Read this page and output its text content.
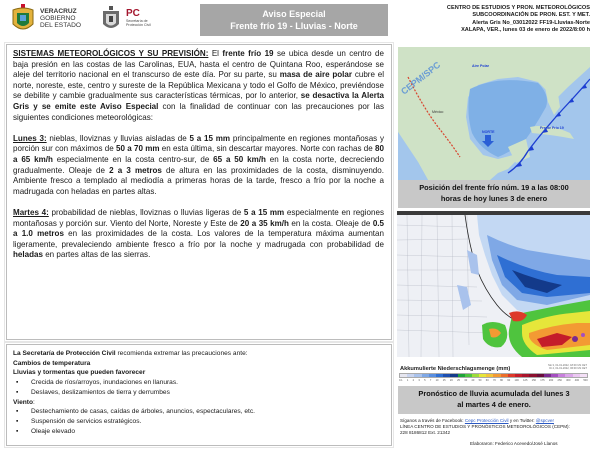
VERACRUZ
GOBIERNO
DEL ESTADO
PC
Secretaría de
Protección Civil
Aviso Especial
Frente frío 19 - Lluvias - Norte
CENTRO DE ESTUDIOS Y PRON. METEOROLÓGICOS
SUBCOORDINACIÓN DE PRON. EST. Y MET.
Alerta Gris No_03012022 FF19-Lluvias-Norte
XALAPA, VER., lunes 03 de enero de 2022/8:00 h

SISTEMAS METEOROLÓGICOS Y SU PREVISIÓN: El frente frío 19 se ubica desde un centro de baja presión en las costas de las Carolinas, EUA, hasta el centro de Quintana Roo, esperándose se aleje del territorio nacional en el transcurso de este día. Por su parte, su masa de aire polar cubre el norte, noreste, este, centro y sureste de la República Mexicana y todo el Golfo de México, previéndose se debilite y cambie gradualmente sus características térmicas, por lo anterior, se desactiva la Alerta Gris y se emite este Aviso Especial con la finalidad de continuar con las precauciones por las siguientes condiciones meteorológicas:

Lunes 3: nieblas, lloviznas y lluvias aisladas de 5 a 15 mm principalmente en regiones montañosas y porción sur con máximos de 50 a 70 mm en esta última, sin descartar mayores. Norte con rachas de 80 a 65 km/h especialmente en la costa centro-sur, de 65 a 50 km/h en la costa norte, decreciendo gradualmente. Oleaje de 2 a 3 metros de altura en las proximidades de la costa, disminuyendo. Ambiente fresco a templado al mediodía a primeras horas de la tarde, fresco a frío por la noche a madrugada con heladas en partes altas.

Martes 4: probabilidad de nieblas, lloviznas o lluvias ligeras de 5 a 15 mm especialmente en regiones montañosas y porción sur. Viento del Norte, Noreste y Este de 20 a 35 km/h en la costa. Oleaje de 0.5 a 1.0 metros en las proximidades de la costa. Los valores de la temperatura máxima aumentan ligeramente, prevaleciendo ambiente fresco a frío por la noche y madrugada con probabilidad de heladas en partes altas de las sierras.

La Secretaría de Protección Civil recomienda extremar las precauciones ante:
Cambios de temperatura
Lluvias y tormentas que pueden favorecer
▪	Crecida de ríos/arroyos, inundaciones en llanuras.
▪	Deslaves, deslizamientos de tierra y derrumbes
Viento:
▪	Destechamiento de casas, caídas de árboles, anuncios, espectaculares, etc.
▪	Suspensión de servicios estratégicos.
▪	Oleaje elevado
CEPM/SPC	Aire Polar
México
NORTE
Frente Frío 19
Posición del frente frío núm. 19 a las 08:00
horas de hoy lunes 3 de enero
Akkumulierte Niederschlagsmenge (mm)
Mo 3, 01-01-2022, 18:00 UN CET
Di 4, 01-01-2022, 06:00 UN CET
0.1 1 2 3 5 7 10 15 20 25 30 40 50 60 70 80 90 100 125 150 175 200 250 300 400 500
Pronóstico de lluvia acumulada del lunes 3
al martes 4 de enero.
Síganos a través de Facebook: Cepc Protección Civil y en Twitter: @spcver
LÍNEA CENTRO DE ESTUDIOS Y PRONÓSTICOS METEOROLÓGICOS (CEPM):
228 8186812 Ext. 21342
Elaboraron: Federico Acevedo/José Llanos
